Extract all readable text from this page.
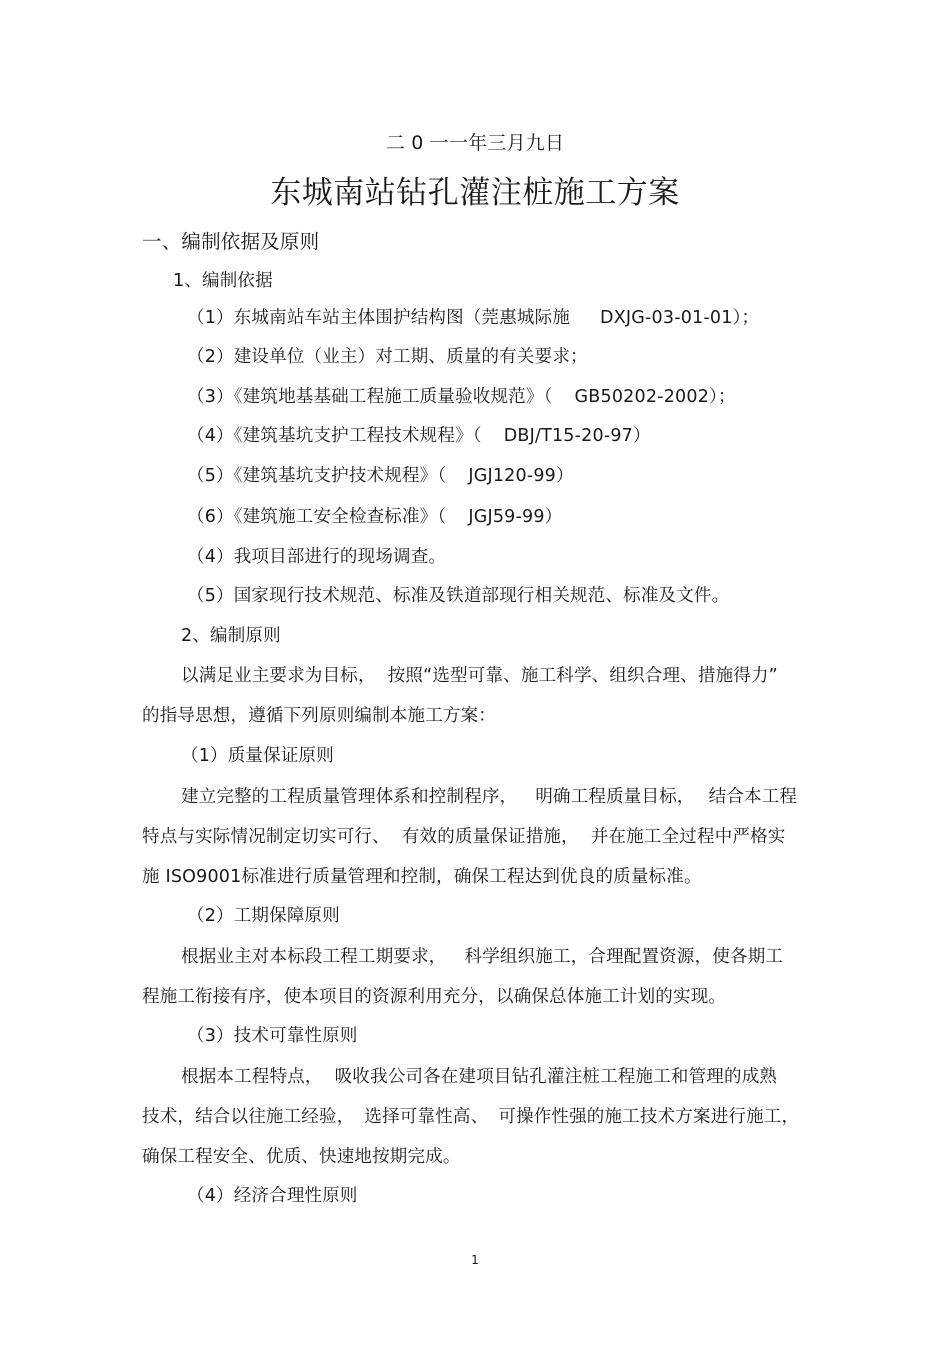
二 0 一一年三月九日
东城南站钻孔灌注桩施工方案
一、编制依据及原则
1、编制依据
（1）东城南站车站主体围护结构图（莞惠城际施 DXJG-03-01-01）；
（2）建设单位（业主）对工期、质量的有关要求；
（3）《建筑地基基础工程施工质量验收规范》（ GB50202-2002）；
（4）《建筑基坑支护工程技术规程》（ DBJ/T15-20-97）
（5）《建筑基坑支护技术规程》（ JGJ120-99）
（6）《建筑施工安全检查标准》（ JGJ59-99）
（4）我项目部进行的现场调查。
（5）国家现行技术规范、标准及铁道部现行相关规范、标准及文件。
2、编制原则
以满足业主要求为目标， 按照“选型可靠、施工科学、组织合理、措施得力”
的指导思想，遵循下列原则编制本施工方案：
（1）质量保证原则
建立完整的工程质量管理体系和控制程序， 明确工程质量目标， 结合本工程
特点与实际情况制定切实可行、 有效的质量保证措施， 并在施工全过程中严格实
施 ISO9001标准进行质量管理和控制，确保工程达到优良的质量标准。
（2）工期保障原则
根据业主对本标段工程工期要求， 科学组织施工，合理配置资源，使各期工
程施工衔接有序，使本项目的资源利用充分，以确保总体施工计划的实现。
（3）技术可靠性原则
根据本工程特点， 吸收我公司各在建项目钻孔灌注桩工程施工和管理的成熟
技术，结合以往施工经验， 选择可靠性高、 可操作性强的施工技术方案进行施工，
确保工程安全、优质、快速地按期完成。
（4）经济合理性原则
1
